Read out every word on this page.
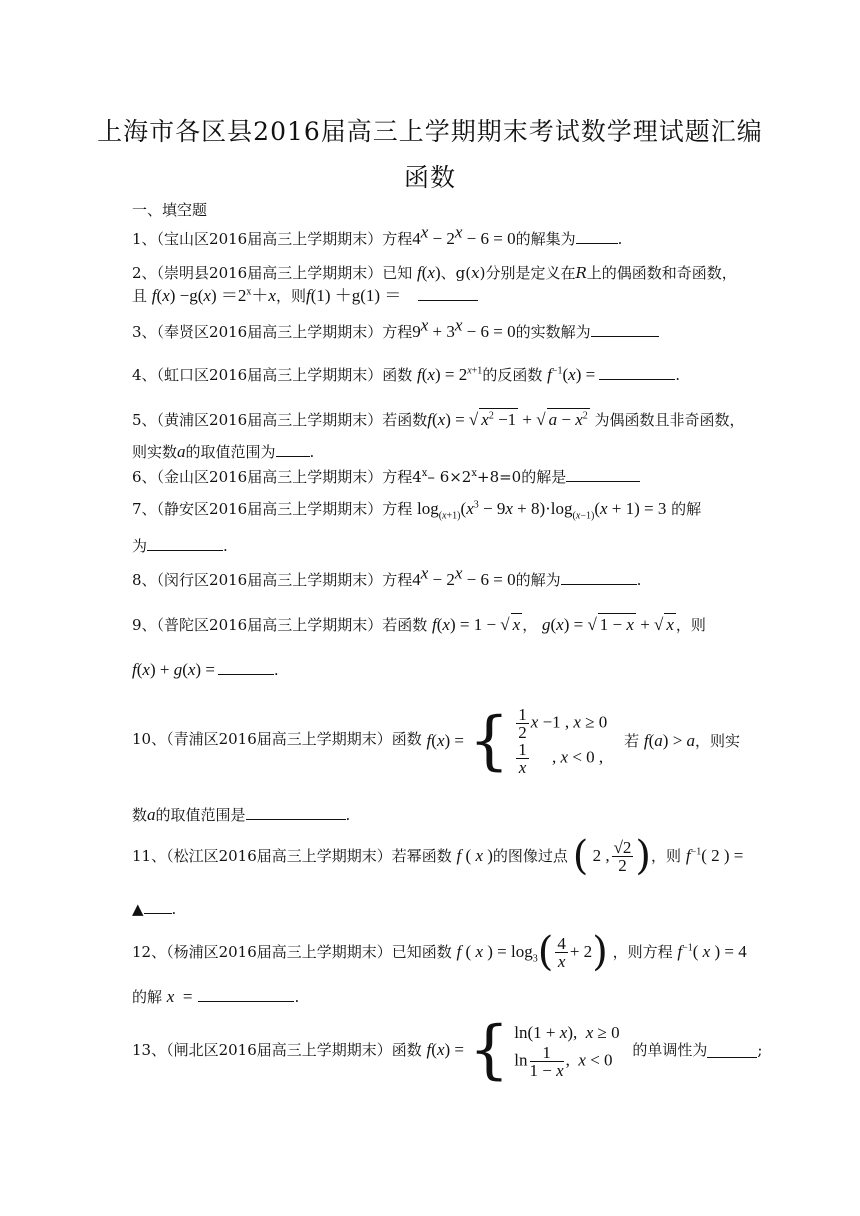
上海市各区县2016届高三上学期期末考试数学理试题汇编
函数
一、填空题
1、（宝山区2016届高三上学期期末）方程$4^x - 2^x - 6 = 0$的解集为	.
2、（崇明县2016届高三上学期期末）已知 f(x)、g(x)分别是定义在R上的偶函数和奇函数，
且 $f(x) -g(x) =2^x+x$，则f(1) ＋g(1) ＝
3、（奉贤区2016届高三上学期期末）方程$9^x + 3^x - 6 = 0$的实数解为
4、（虹口区2016届高三上学期期末）函数 $f(x) = 2^{x+1}$的反函数 $f^{-1}(x)$ =	.
5、（黄浦区2016届高三上学期期末）若函数f(x) = √ $x^2 -1$ + √ $a - x^2$ 为偶函数且非奇函数，
则实数a的取值范围为 .
6、（金山区2016届高三上学期期末）方程4$^x$– $6\times 2^x+8=0$的解是
7、（静安区2016届高三上学期期末）方程 $\log_{(x+1)}(x^3 - 9x + 8)\cdot\log_{(x-1)}(x + 1) = 3$ 的解
为	.
8、（闵行区2016届高三上学期期末）方程$4^x - 2^x - 6 = 0$的解为	.
9、（普陀区2016届高三上学期期末）若函数 f(x) = 1 − √ x ， g(x) = √ 1 − x + √ x ，则
f(x) + g(x) =	.
10、（青浦区2016届高三上学期期末）函数 f(x) = { $\frac{1}{2}$ x −1 , x ≥ 0
$\frac{1}{x}$ , x < 0 ,
若 f(a) > a，则实
数a的取值范围是	.
11、（松江区2016届高三上学期期末）若幂函数 f ( x )的图像过点 ( 2 , $\frac{√2}{2}$ )，则 $f^{-1}$( 2 ) =
▲ .
12、（杨浦区2016届高三上学期期末）已知函数 f ( x ) = $\log_3( \frac{4}{x} + 2)$ ，则方程 $f^{-1}$( x ) = 4
的解 x  =	.
13、（闸北区2016届高三上学期期末）函数 f(x) = { ln(1 + x),  x ≥ 0
$\ln \frac{1}{1 - x}$ ,  x < 0	的单调性为	;
